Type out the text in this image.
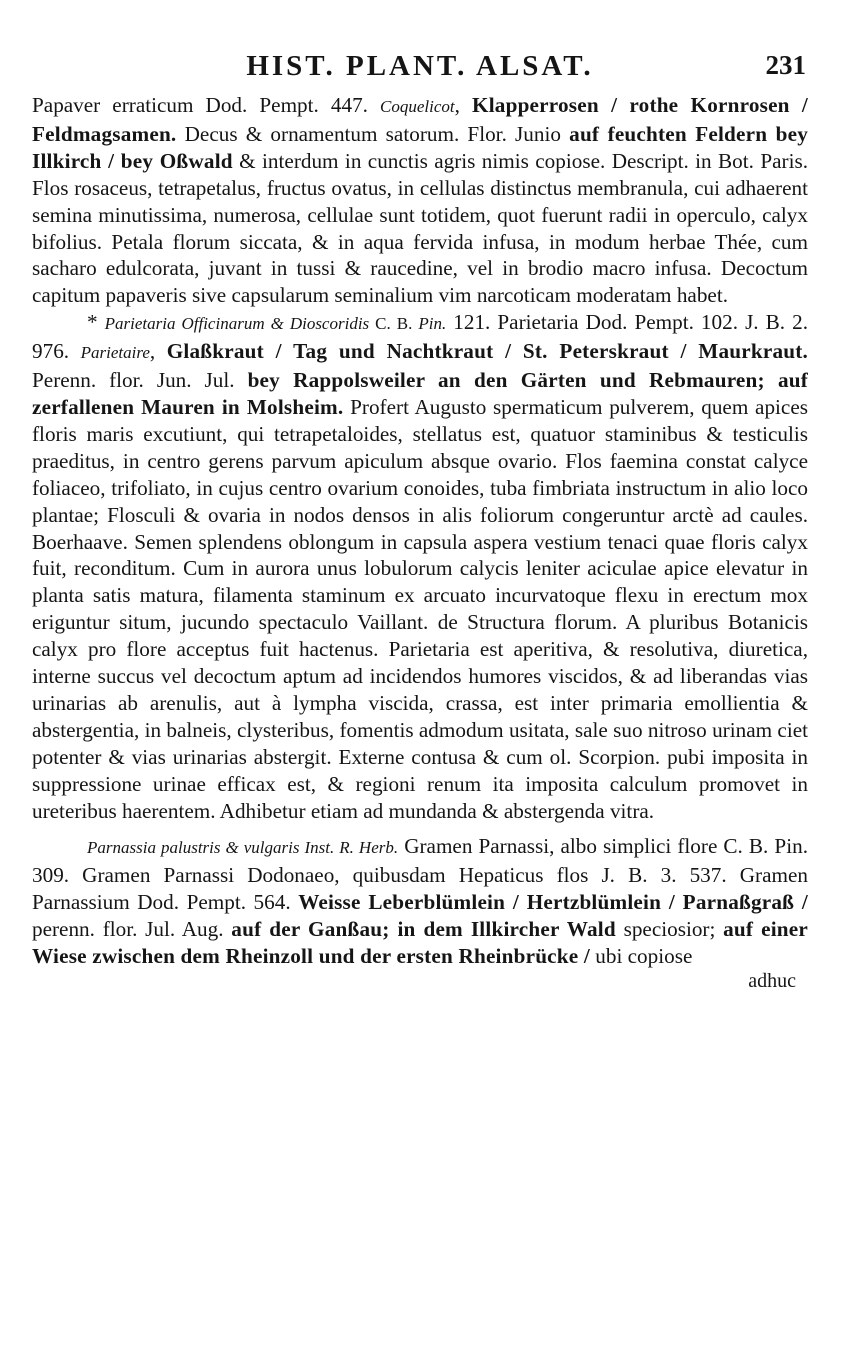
HIST. PLANT. ALSAT.	231

Papaver erraticum Dod. Pempt. 447. Coquelicot, Klapperrosen / rothe Kornrosen / Feldmagsamen. Decus & ornamentum satorum. Flor. Junio auf feuchten Feldern bey Illkirch / bey Oßwald & interdum in cunctis agris nimis copiose. Descript. in Bot. Paris. Flos rosaceus, tetrapetalus, fructus ovatus, in cellulas distinctus membranula, cui adhaerent semina minutissima, numerosa, cellulae sunt totidem, quot fuerunt radii in operculo, calyx bifolius. Petala florum siccata, & in aqua fervida infusa, in modum herbae Thée, cum sacharo edulcorata, juvant in tussi & raucedine, vel in brodio macro infusa. Decoctum capitum papaveris sive capsularum seminalium vim narcoticam moderatam habet.

* Parietaria Officinarum & Dioscoridis C. B. Pin. 121. Parietaria Dod. Pempt. 102. J. B. 2. 976. Parietaire, Glaßkraut / Tag und Nachtkraut / St. Peterskraut / Maurkraut. Perenn. flor. Jun. Jul. bey Rappolsweiler an den Gärten und Rebmauren; auf zerfallenen Mauren in Molsheim. Profert Augusto spermaticum pulverem, quem apices floris maris excutiunt, qui tetrapetaloides, stellatus est, quatuor staminibus & testiculis praeditus, in centro gerens parvum apiculum absque ovario. Flos faemina constat calyce foliaceo, trifoliato, in cujus centro ovarium conoides, tuba fimbriata instructum in alio loco plantae; Flosculi & ovaria in nodos densos in alis foliorum congeruntur arctè ad caules. Boerhaave. Semen splendens oblongum in capsula aspera vestium tenaci quae floris calyx fuit, reconditum. Cum in aurora unus lobulorum calycis leniter aciculae apice elevatur in planta satis matura, filamenta staminum ex arcuato incurvatoque flexu in erectum mox eriguntur situm, jucundo spectaculo Vaillant. de Structura florum. A pluribus Botanicis calyx pro flore acceptus fuit hactenus. Parietaria est aperitiva, & resolutiva, diuretica, interne succus vel decoctum aptum ad incidendos humores viscidos, & ad liberandas vias urinarias ab arenulis, aut à lympha viscida, crassa, est inter primaria emollientia & abstergentia, in balneis, clysteribus, fomentis admodum usitata, sale suo nitroso urinam ciet potenter & vias urinarias abstergit. Externe contusa & cum ol. Scorpion. pubi imposita in suppressione urinae efficax est, & regioni renum ita imposita calculum promovet in ureteribus haerentem. Adhibetur etiam ad mundanda & abstergenda vitra.

Parnassia palustris & vulgaris Inst. R. Herb. Gramen Parnassi, albo simplici flore C. B. Pin. 309. Gramen Parnassi Dodonaeo, quibusdam Hepaticus flos J. B. 3. 537. Gramen Parnassium Dod. Pempt. 564. Weisse Leberblümlein / Hertzblümlein / Parnaßgraß / perenn. flor. Jul. Aug. auf der Ganßau; in dem Illkircher Wald speciosior; auf einer Wiese zwischen dem Rheinzoll und der ersten Rheinbrücke / ubi copiose

adhuc
